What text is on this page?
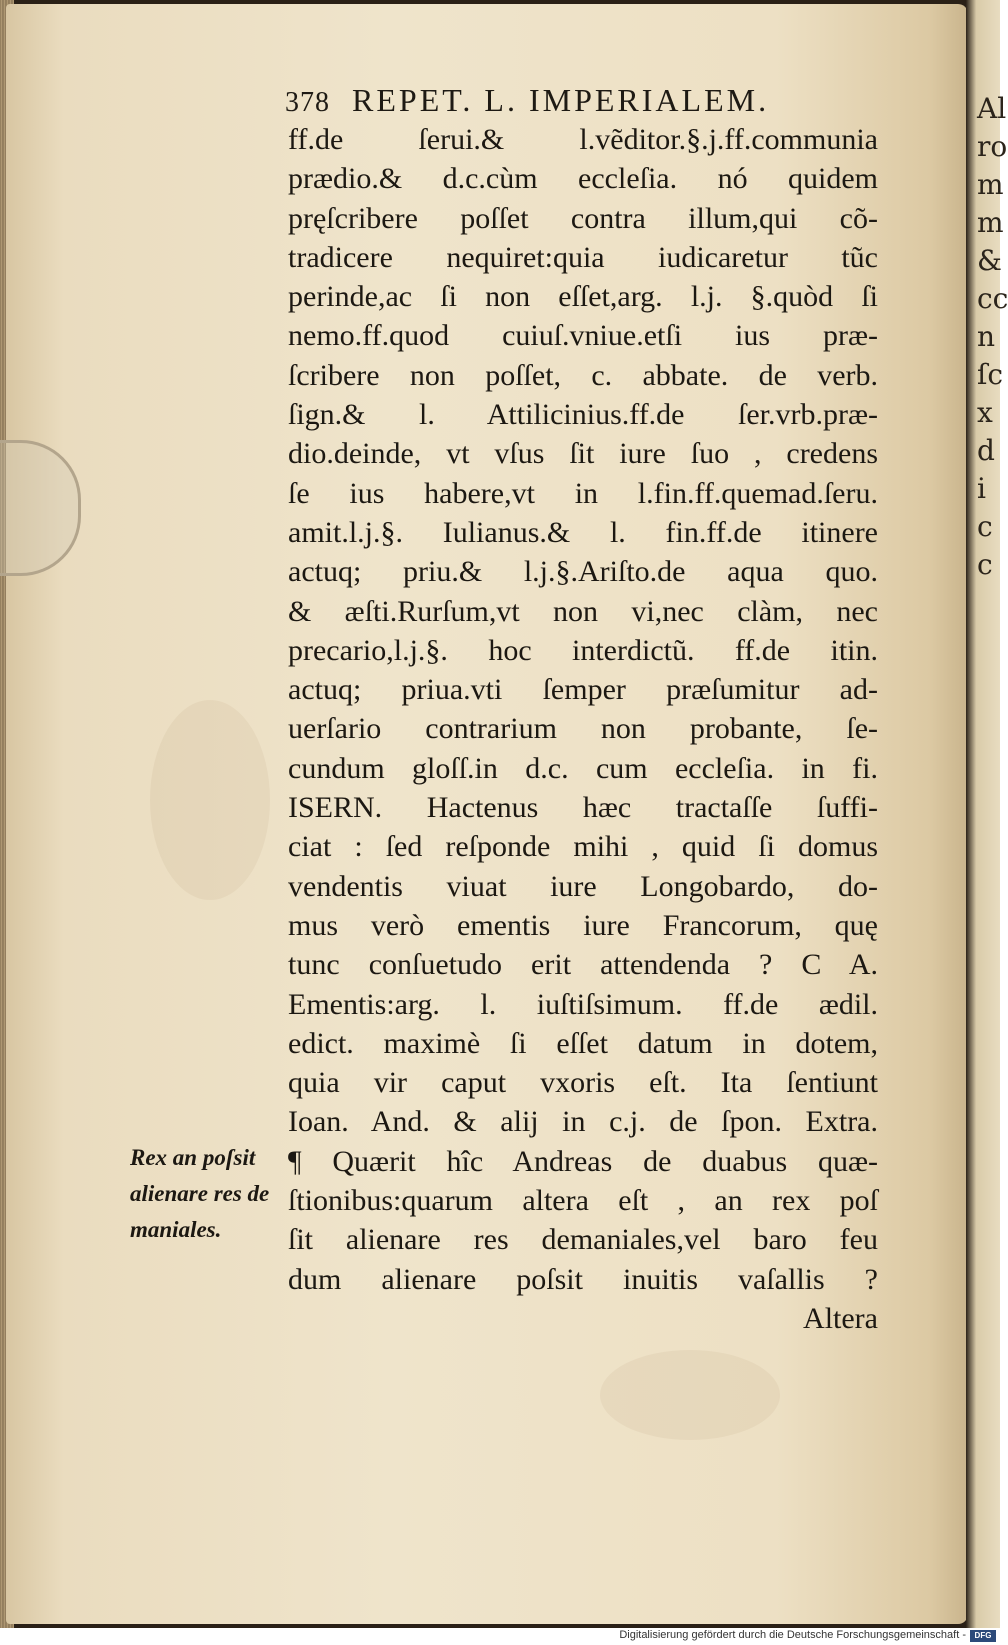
Al
ro
m
m
&
cc
n
ſc
x
d
i
c
c
378 REPET. L. IMPERIALEM.
ff.de ſerui.& l.vẽditor.§.j.ff.communia
prædio.& d.c.cùm eccleſia. nó quidem
pręſcribere poſſet contra illum,qui cõ-
tradicere nequiret:quia iudicaretur tũc
perinde,ac ſi non eſſet,arg. l.j. §.quòd ſi
nemo.ff.quod cuiuſ.vniue.etſi ius præ-
ſcribere non poſſet, c. abbate. de verb.
ſign.& l. Attilicinius.ff.de ſer.vrb.præ-
dio.deinde, vt vſus ſit iure ſuo , credens
ſe ius habere,vt in l.fin.ff.quemad.ſeru.
amit.l.j.§. Iulianus.& l. fin.ff.de itinere
actuq; priu.& l.j.§.Ariſto.de aqua quo.
& æſti.Rurſum,vt non vi,nec clàm, nec
precario,l.j.§. hoc interdictũ. ff.de itin.
actuq; priua.vti ſemper præſumitur ad-
uerſario contrarium non probante, ſe-
cundum gloſſ.in d.c. cum eccleſia. in fi.
ISERN. Hactenus hæc tractaſſe ſuffi-
ciat : ſed reſponde mihi , quid ſi domus
vendentis viuat iure Longobardo, do-
mus verò ementis iure Francorum, quę
tunc conſuetudo erit attendenda ? C A.
Ementis:arg. l. iuſtiſsimum. ff.de ædil.
edict. maximè ſi eſſet datum in dotem,
quia vir caput vxoris eſt. Ita ſentiunt
Ioan. And. & alij in c.j. de ſpon. Extra.
¶ Quærit hîc Andreas de duabus quæ-
ſtionibus:quarum altera eſt , an rex poſ
ſit alienare res demaniales,vel baro feu
dum alienare poſsit inuitis vaſallis ?
Altera
Rex an poſsit
alienare res de
maniales.
Digitalisierung gefördert durch die Deutsche Forschungsgemeinschaft -	DFG
